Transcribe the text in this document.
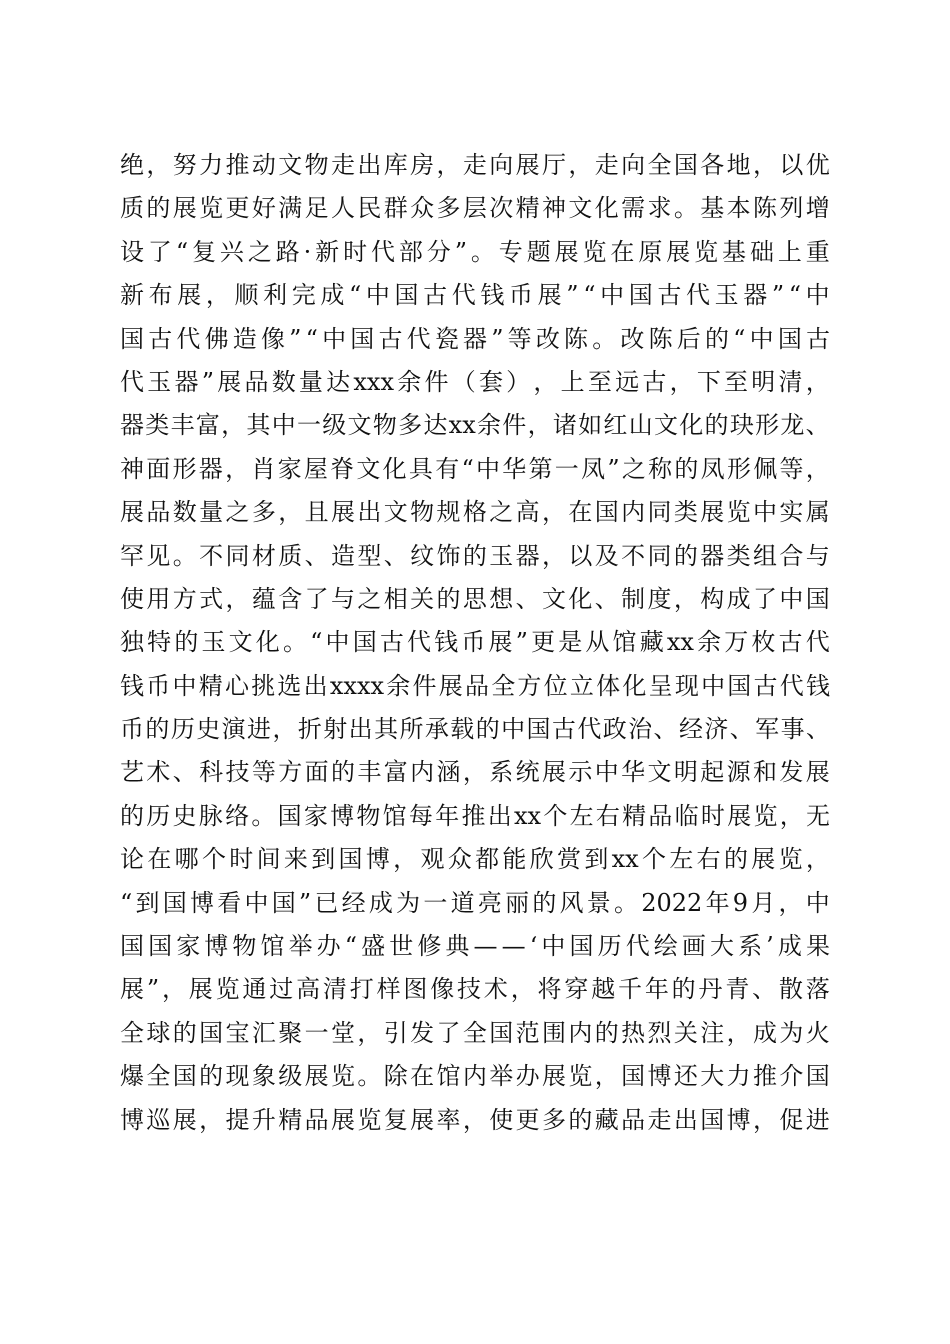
绝 ， 努 力 推 动 文 物 走 出 库 房 ， 走 向 展 厅 ， 走 向 全 国 各 地 ， 以 优
质 的 展 览 更 好 满 足 人 民 群 众 多 层 次 精 神 文 化 需 求 。 基 本 陈 列 增
设 了 “ 复 兴 之 路 · 新 时 代 部 分 ” 。 专 题 展 览 在 原 展 览 基 础 上 重
新 布 展 ， 顺 利 完 成 “ 中 国 古 代 钱 币 展 ” “ 中 国 古 代 玉 器 ” “ 中
国 古 代 佛 造 像 ” “ 中 国 古 代 瓷 器 ” 等 改 陈 。 改 陈 后 的 “ 中 国 古
代 玉 器 ” 展 品 数 量 达 xxx 余 件 （ 套 ） ， 上 至 远 古 ， 下 至 明 清 ，
器 类 丰 富 ， 其 中 一 级 文 物 多 达 xx 余 件 ， 诸 如 红 山 文 化 的 玦 形 龙 、
神 面 形 器 ， 肖 家 屋 脊 文 化 具 有 “ 中 华 第 一 凤 ” 之 称 的 凤 形 佩 等 ，
展 品 数 量 之 多 ， 且 展 出 文 物 规 格 之 高 ， 在 国 内 同 类 展 览 中 实 属
罕 见 。 不 同 材 质 、 造 型 、 纹 饰 的 玉 器 ， 以 及 不 同 的 器 类 组 合 与
使 用 方 式 ， 蕴 含 了 与 之 相 关 的 思 想 、 文 化 、 制 度 ， 构 成 了 中 国
独 特 的 玉 文 化 。 “ 中 国 古 代 钱 币 展 ” 更 是 从 馆 藏 xx 余 万 枚 古 代
钱 币 中 精 心 挑 选 出 xxxx 余 件 展 品 全 方 位 立 体 化 呈 现 中 国 古 代 钱
币 的 历 史 演 进 ， 折 射 出 其 所 承 载 的 中 国 古 代 政 治 、 经 济 、 军 事 、
艺 术 、 科 技 等 方 面 的 丰 富 内 涵 ， 系 统 展 示 中 华 文 明 起 源 和 发 展
的 历 史 脉 络 。 国 家 博 物 馆 每 年 推 出 xx 个 左 右 精 品 临 时 展 览 ， 无
论 在 哪 个 时 间 来 到 国 博 ， 观 众 都 能 欣 赏 到 xx 个 左 右 的 展 览 ，
“ 到 国 博 看 中 国 ” 已 经 成 为 一 道 亮 丽 的 风 景 。 2022 年 9 月 ， 中
国 国 家 博 物 馆 举 办 “ 盛 世 修 典 — — ‘ 中 国 历 代 绘 画 大 系 ’ 成 果
展 ” ， 展 览 通 过 高 清 打 样 图 像 技 术 ， 将 穿 越 千 年 的 丹 青 、 散 落
全 球 的 国 宝 汇 聚 一 堂 ， 引 发 了 全 国 范 围 内 的 热 烈 关 注 ， 成 为 火
爆 全 国 的 现 象 级 展 览 。 除 在 馆 内 举 办 展 览 ， 国 博 还 大 力 推 介 国
博 巡 展 ， 提 升 精 品 展 览 复 展 率 ， 使 更 多 的 藏 品 走 出 国 博 ， 促 进
